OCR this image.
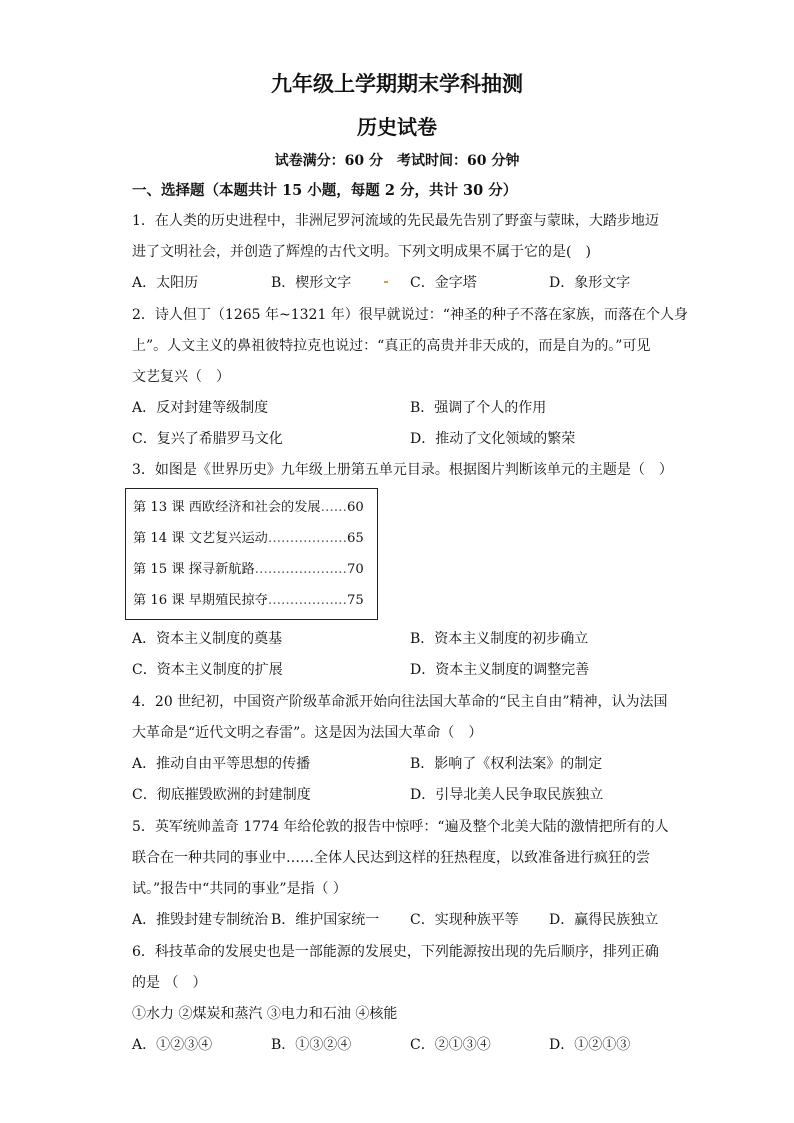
九年级上学期期末学科抽测
历史试卷
试卷满分：60 分　考试时间：60 分钟
一、选择题（本题共计 15 小题，每题 2 分，共计 30 分）
1．在人类的历史进程中，非洲尼罗河流域的先民最先告别了野蛮与蒙昧，大踏步地迈
进了文明社会，并创造了辉煌的古代文明。下列文明成果不属于它的是(　)
A．太阳历	B．楔形文字	C．金字塔	D．象形文字
2．诗人但丁（1265 年~1321 年）很早就说过：“神圣的种子不落在家族，而落在个人身
上”。人文主义的鼻祖彼特拉克也说过：“真正的高贵并非天成的，而是自为的。”可见
文艺复兴（　）
A．反对封建等级制度	B．强调了个人的作用
C．复兴了希腊罗马文化	D．推动了文化领域的繁荣
3．如图是《世界历史》九年级上册第五单元目录。根据图片判断该单元的主题是（　）
第 13 课 西欧经济和社会的发展……60
第 14 课 文艺复兴运动………………65
第 15 课 探寻新航路…………………70
第 16 课 早期殖民掠夺………………75
A．资本主义制度的奠基	B．资本主义制度的初步确立
C．资本主义制度的扩展	D．资本主义制度的调整完善
4．20 世纪初，中国资产阶级革命派开始向往法国大革命的“民主自由”精神，认为法国
大革命是“近代文明之春雷”。这是因为法国大革命（　）
A．推动自由平等思想的传播	B．影响了《权利法案》的制定
C．彻底摧毁欧洲的封建制度	D．引导北美人民争取民族独立
5．英军统帅盖奇 1774 年给伦敦的报告中惊呼：“遍及整个北美大陆的激情把所有的人
联合在一种共同的事业中……全体人民达到这样的狂热程度，以致准备进行疯狂的尝
试。”报告中“共同的事业”是指（ ）
A．推毁封建专制统治 B．维护国家统一 C．实现种族平等 D．赢得民族独立
6．科技革命的发展史也是一部能源的发展史，下列能源按出现的先后顺序，排列正确
的是 （　）
①水力 ②煤炭和蒸汽 ③电力和石油 ④核能
A．①②③④	B．①③②④	C．②①③④	D．①②①③
